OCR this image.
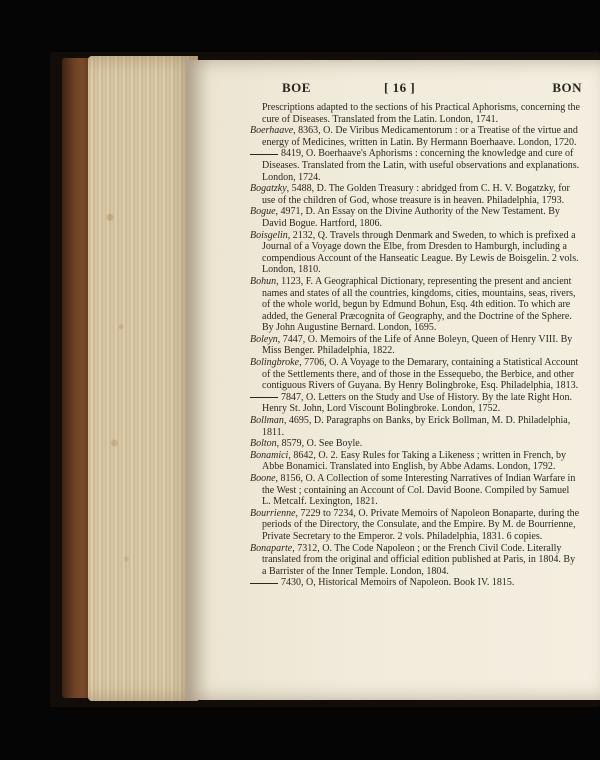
BOE	[ 16 ]	BON

Prescriptions adapted to the sections of his Practical Aphorisms, concerning the cure of Diseases. Translated from the Latin. London, 1741.

Boerhaave, 8363, O. De Viribus Medicamentorum : or a Treatise of the virtue and energy of Medicines, written in Latin. By Hermann Boerhaave. London, 1720.

8419, O. Boerhaave's Aphorisms : concerning the knowledge and cure of Diseases. Translated from the Latin, with useful observations and explanations. London, 1724.

Bogatzky, 5488, D. The Golden Treasury : abridged from C. H. V. Bogatzky, for use of the children of God, whose treasure is in heaven. Philadelphia, 1793.

Bogue, 4971, D. An Essay on the Divine Authority of the New Testament. By David Bogue. Hartford, 1806.

Boisgelin, 2132, Q. Travels through Denmark and Sweden, to which is prefixed a Journal of a Voyage down the Elbe, from Dresden to Hamburgh, including a compendious Account of the Hanseatic League. By Lewis de Boisgelin. 2 vols. London, 1810.

Bohun, 1123, F. A Geographical Dictionary, representing the present and ancient names and states of all the countries, kingdoms, cities, mountains, seas, rivers, of the whole world, begun by Edmund Bohun, Esq. 4th edition. To which are added, the General Præcognita of Geography, and the Doctrine of the Sphere. By John Augustine Bernard. London, 1695.

Boleyn, 7447, O. Memoirs of the Life of Anne Boleyn, Queen of Henry VIII. By Miss Benger. Philadelphia, 1822.

Bolingbroke, 7706, O. A Voyage to the Demarary, containing a Statistical Account of the Settlements there, and of those in the Essequebo, the Berbice, and other contiguous Rivers of Guyana. By Henry Bolingbroke, Esq. Philadelphia, 1813.

7847, O. Letters on the Study and Use of History. By the late Right Hon. Henry St. John, Lord Viscount Bolingbroke. London, 1752.

Bollman, 4695, D. Paragraphs on Banks, by Erick Bollman, M. D. Philadelphia, 1811.

Bolton, 8579, O. See Boyle.

Bonamici, 8642, O. 2. Easy Rules for Taking a Likeness ; written in French, by Abbe Bonamici. Translated into English, by Abbe Adams. London, 1792.

Boone, 8156, O. A Collection of some Interesting Narratives of Indian Warfare in the West ; containing an Account of Col. David Boone. Compiled by Samuel L. Metcalf. Lexington, 1821.

Bourrienne, 7229 to 7234, O. Private Memoirs of Napoleon Bonaparte, during the periods of the Directory, the Consulate, and the Empire. By M. de Bourrienne, Private Secretary to the Emperor. 2 vols. Philadelphia, 1831. 6 copies.

Bonaparte, 7312, O. The Code Napoleon ; or the French Civil Code. Literally translated from the original and official edition published at Paris, in 1804. By a Barrister of the Inner Temple. London, 1804.

7430, O, Historical Memoirs of Napoleon. Book IV. 1815.
